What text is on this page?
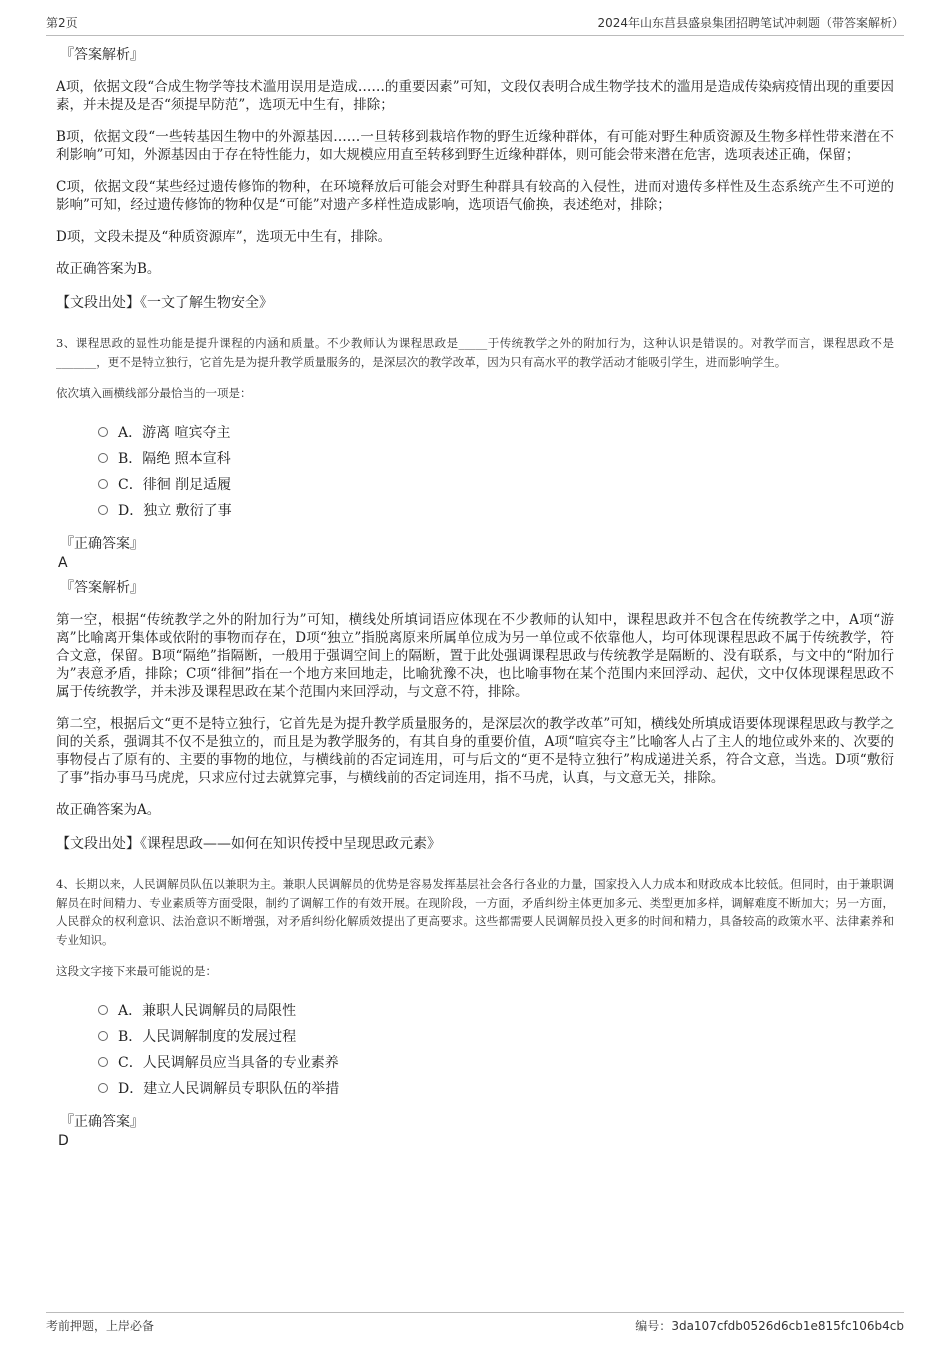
第2页	2024年山东莒县盛泉集团招聘笔试冲刺题（带答案解析）
『答案解析』

A项，依据文段“合成生物学等技术滥用误用是造成……的重要因素”可知，文段仅表明合成生物学技术的滥用是造成传染病疫情出现的重要因素，并未提及是否“须提早防范”，选项无中生有，排除；

B项，依据文段“一些转基因生物中的外源基因……一旦转移到栽培作物的野生近缘种群体，有可能对野生种质资源及生物多样性带来潜在不利影响”可知，外源基因由于存在特性能力，如大规模应用直至转移到野生近缘种群体，则可能会带来潜在危害，选项表述正确，保留；

C项，依据文段“某些经过遗传修饰的物种，在环境释放后可能会对野生种群具有较高的入侵性，进而对遗传多样性及生态系统产生不可逆的影响”可知，经过遗传修饰的物种仅是“可能”对遗产多样性造成影响，选项语气偷换，表述绝对，排除；

D项，文段未提及“种质资源库”，选项无中生有，排除。

故正确答案为B。

【文段出处】《一文了解生物安全》

3、课程思政的显性功能是提升课程的内涵和质量。不少教师认为课程思政是_____于传统教学之外的附加行为，这种认识是错误的。对教学而言，课程思政不是_______，更不是特立独行，它首先是为提升教学质量服务的，是深层次的教学改革，因为只有高水平的教学活动才能吸引学生，进而影响学生。

依次填入画横线部分最恰当的一项是：

A．游离 喧宾夺主
B．隔绝 照本宣科
C．徘徊 削足适履
D．独立 敷衍了事
『正确答案』
A
『答案解析』

第一空，根据“传统教学之外的附加行为”可知，横线处所填词语应体现在不少教师的认知中，课程思政并不包含在传统教学之中，A项“游离”比喻离开集体或依附的事物而存在，D项“独立”指脱离原来所属单位成为另一单位或不依靠他人，均可体现课程思政不属于传统教学，符合文意，保留。B项“隔绝”指隔断，一般用于强调空间上的隔断，置于此处强调课程思政与传统教学是隔断的、没有联系，与文中的“附加行为”表意矛盾，排除；C项“徘徊”指在一个地方来回地走，比喻犹豫不决，也比喻事物在某个范围内来回浮动、起伏，文中仅体现课程思政不属于传统教学，并未涉及课程思政在某个范围内来回浮动，与文意不符，排除。

第二空，根据后文“更不是特立独行，它首先是为提升教学质量服务的，是深层次的教学改革”可知，横线处所填成语要体现课程思政与教学之间的关系，强调其不仅不是独立的，而且是为教学服务的，有其自身的重要价值，A项“喧宾夺主”比喻客人占了主人的地位或外来的、次要的事物侵占了原有的、主要的事物的地位，与横线前的否定词连用，可与后文的“更不是特立独行”构成递进关系，符合文意，当选。D项“敷衍了事”指办事马马虎虎，只求应付过去就算完事，与横线前的否定词连用，指不马虎，认真，与文意无关，排除。

故正确答案为A。

【文段出处】《课程思政——如何在知识传授中呈现思政元素》

4、长期以来，人民调解员队伍以兼职为主。兼职人民调解员的优势是容易发挥基层社会各行各业的力量，国家投入人力成本和财政成本比较低。但同时，由于兼职调解员在时间精力、专业素质等方面受限，制约了调解工作的有效开展。在现阶段，一方面，矛盾纠纷主体更加多元、类型更加多样，调解难度不断加大；另一方面，人民群众的权利意识、法治意识不断增强，对矛盾纠纷化解质效提出了更高要求。这些都需要人民调解员投入更多的时间和精力，具备较高的政策水平、法律素养和专业知识。

这段文字接下来最可能说的是：

A．兼职人民调解员的局限性
B．人民调解制度的发展过程
C．人民调解员应当具备的专业素养
D．建立人民调解员专职队伍的举措
『正确答案』
D
考前押题，上岸必备	编号：3da107cfdb0526d6cb1e815fc106b4cb
